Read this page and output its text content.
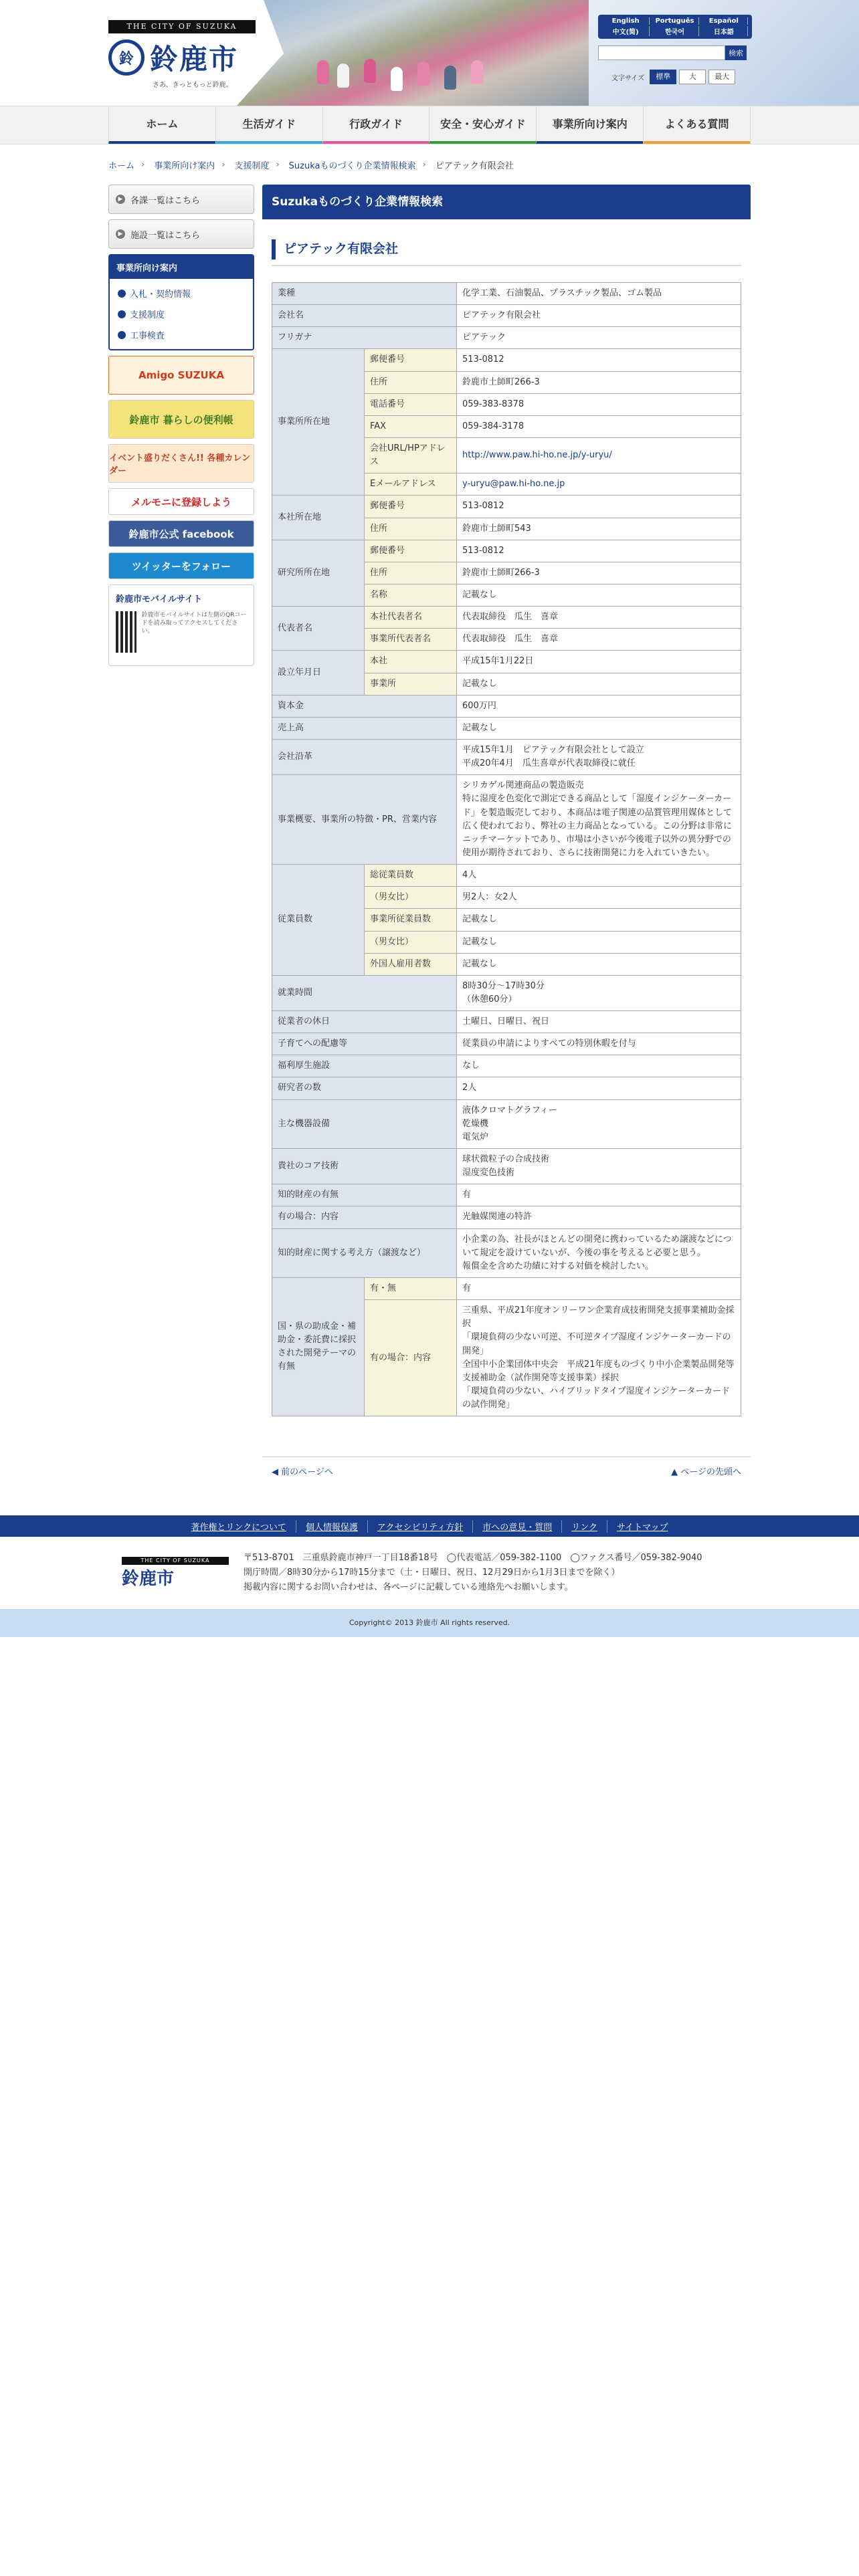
THE CITY OF SUZUKA
鈴 鈴鹿市
さあ、きっともっと鈴鹿。
English	Português	Español
中文(简)	한국어	日本語
検索
文字サイズ	標準	大	最大
ホーム	生活ガイド	行政ガイド	安全・安心ガイド	事業所向け案内	よくある質問
ホーム › 事業所向け案内 › 支援制度 › Suzukaものづくり企業情報検索 › ピアテック有限会社
▶ 各課一覧はこちら
▶ 施設一覧はこちら
事業所向け案内
入札・契約情報
支援制度
工事検査
Amigo SUZUKA
鈴鹿市 暮らしの便利帳
イベント盛りだくさん!! 各種カレンダー
メルモニに登録しよう
鈴鹿市公式 facebook
ツイッターをフォロー
鈴鹿市モバイルサイト
鈴鹿市モバイルサイトは左側のQRコードを読み取ってアクセスしてください。
Suzukaものづくり企業情報検索
ピアテック有限会社
業種		化学工業、石油製品、プラスチック製品、ゴム製品
会社名		ピアテック有限会社
フリガナ		ピアテック
事業所所在地	郵便番号	513-0812
	住所	鈴鹿市土師町266-3
	電話番号	059-383-8378
	FAX	059-384-3178
	会社URL/HPアドレス	http://www.paw.hi-ho.ne.jp/y-uryu/
	Eメールアドレス	y-uryu@paw.hi-ho.ne.jp
本社所在地	郵便番号	513-0812
	住所	鈴鹿市土師町543
研究所所在地	郵便番号	513-0812
	住所	鈴鹿市土師町266-3
	名称	記載なし
代表者名	本社代表者名	代表取締役　瓜生　喜章
	事業所代表者名	代表取締役　瓜生　喜章
設立年月日	本社	平成15年1月22日
	事業所	記載なし
資本金		600万円
売上高		記載なし
会社沿革		平成15年1月　ピアテック有限会社として設立
平成20年4月　瓜生喜章が代表取締役に就任
事業概要、事業所の特徴・PR、営業内容		シリカゲル関連商品の製造販売
特に湿度を色変化で測定できる商品として「湿度インジケーターカード」を製造販売しており、本商品は電子関連の品質管理用媒体として広く使われており、弊社の主力商品となっている。この分野は非常にニッチマーケットであり、市場は小さいが今後電子以外の異分野での使用が期待されており、さらに技術開発に力を入れていきたい。
従業員数	総従業員数	4人
	（男女比）	男2人：女2人
	事業所従業員数	記載なし
	（男女比）	記載なし
	外国人雇用者数	記載なし
就業時間		8時30分～17時30分
（休憩60分）
従業者の休日		土曜日、日曜日、祝日
子育てへの配慮等		従業員の申請によりすべての特別休暇を付与
福利厚生施設		なし
研究者の数		2人
主な機器設備		液体クロマトグラフィー
乾燥機
電気炉
貴社のコア技術		球状微粒子の合成技術
湿度変色技術
知的財産の有無		有
有の場合：内容		光触媒関連の特許
知的財産に関する考え方（譲渡など）		小企業の為、社長がほとんどの開発に携わっているため譲渡などについて規定を設けていないが、今後の事を考えると必要と思う。
報償金を含めた功績に対する対価を検討したい。
国・県の助成金・補助金・委託費に採択された開発テーマの有無	有・無	有
	有の場合：内容	三重県、平成21年度オンリーワン企業育成技術開発支援事業補助金採択
「環境負荷の少ない可逆、不可逆タイプ湿度インジケーターカードの開発」
全国中小企業団体中央会　平成21年度ものづくり中小企業製品開発等支援補助金（試作開発等支援事業）採択
「環境負荷の少ない、ハイブリッドタイプ湿度インジケーターカードの試作開発」
◀ 前のページへ	▲ ページの先頭へ
著作権とリンクについて	個人情報保護	アクセシビリティ方針	市への意見・質問	リンク	サイトマップ
THE CITY OF SUZUKA
鈴鹿市
〒513-8701　三重県鈴鹿市神戸一丁目18番18号　◯代表電話／059-382-1100　◯ファクス番号／059-382-9040
開庁時間／8時30分から17時15分まで（土・日曜日、祝日、12月29日から1月3日までを除く）
掲載内容に関するお問い合わせは、各ページに記載している連絡先へお願いします。
Copyright© 2013 鈴鹿市 All rights reserved.
